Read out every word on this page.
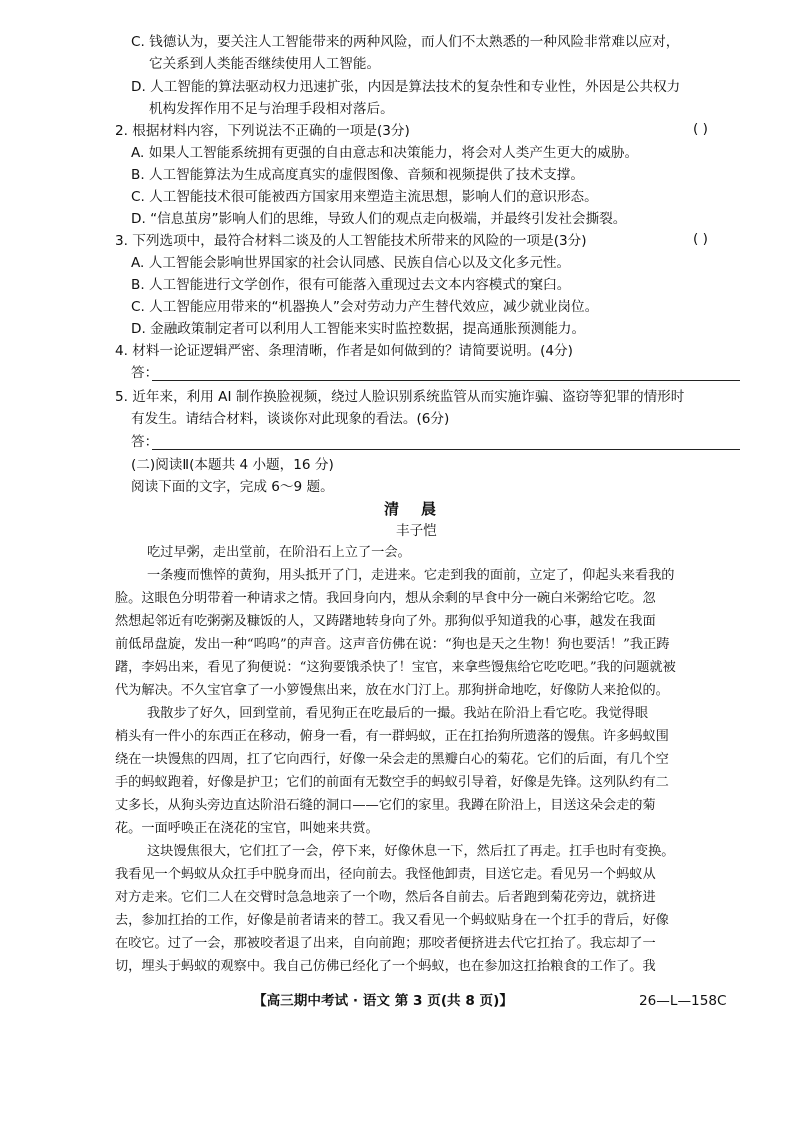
C. 钱德认为，要关注人工智能带来的两种风险，而人们不太熟悉的一种风险非常难以应对，
它关系到人类能否继续使用人工智能。
D. 人工智能的算法驱动权力迅速扩张，内因是算法技术的复杂性和专业性，外因是公共权力
机构发挥作用不足与治理手段相对落后。
2. 根据材料内容，下列说法不正确的一项是(3分)	( )
A. 如果人工智能系统拥有更强的自由意志和决策能力，将会对人类产生更大的威胁。
B. 人工智能算法为生成高度真实的虚假图像、音频和视频提供了技术支撑。
C. 人工智能技术很可能被西方国家用来塑造主流思想，影响人们的意识形态。
D. “信息茧房”影响人们的思维，导致人们的观点走向极端，并最终引发社会撕裂。
3. 下列选项中，最符合材料二谈及的人工智能技术所带来的风险的一项是(3分)	( )
A. 人工智能会影响世界国家的社会认同感、民族自信心以及文化多元性。
B. 人工智能进行文学创作，很有可能落入重现过去文本内容模式的窠臼。
C. 人工智能应用带来的“机器换人”会对劳动力产生替代效应，减少就业岗位。
D. 金融政策制定者可以利用人工智能来实时监控数据，提高通胀预测能力。
4. 材料一论证逻辑严密、条理清晰，作者是如何做到的？请简要说明。(4分)
答：
5. 近年来，利用 AI 制作换脸视频，绕过人脸识别系统监管从而实施诈骗、盗窃等犯罪的情形时
有发生。请结合材料，谈谈你对此现象的看法。(6分)
答：
(二)阅读Ⅱ(本题共 4 小题，16 分)
阅读下面的文字，完成 6～9 题。
清晨
丰子恺
吃过早粥，走出堂前，在阶沿石上立了一会。
一条瘦而憔悴的黄狗，用头抵开了门，走进来。它走到我的面前，立定了，仰起头来看我的
脸。这眼色分明带着一种请求之情。我回身向内，想从余剩的早食中分一碗白米粥给它吃。忽
然想起邻近有吃粥粥及糠饭的人，又踌躇地转身向了外。那狗似乎知道我的心事，越发在我面
前低昂盘旋，发出一种“呜呜”的声音。这声音仿佛在说：“狗也是天之生物！狗也要活！”我正踌
躇，李妈出来，看见了狗便说：“这狗要饿杀快了！宝官，来拿些馒焦给它吃吃吧。”我的问题就被
代为解决。不久宝官拿了一小箩馒焦出来，放在水门汀上。那狗拼命地吃，好像防人来抢似的。
我散步了好久，回到堂前，看见狗正在吃最后的一撮。我站在阶沿上看它吃。我觉得眼
梢头有一件小的东西正在移动，俯身一看，有一群蚂蚁，正在扛抬狗所遗落的馒焦。许多蚂蚁围
绕在一块馒焦的四周，扛了它向西行，好像一朵会走的黑瓣白心的菊花。它们的后面，有几个空
手的蚂蚁跑着，好像是护卫；它们的前面有无数空手的蚂蚁引导着，好像是先锋。这列队约有二
丈多长，从狗头旁边直达阶沿石缝的洞口——它们的家里。我蹲在阶沿上，目送这朵会走的菊
花。一面呼唤正在浇花的宝官，叫她来共赏。
这块馒焦很大，它们扛了一会，停下来，好像休息一下，然后扛了再走。扛手也时有变换。
我看见一个蚂蚁从众扛手中脱身而出，径向前去。我怪他卸责，目送它走。看见另一个蚂蚁从
对方走来。它们二人在交臂时急急地亲了一个吻，然后各自前去。后者跑到菊花旁边，就挤进
去，参加扛抬的工作，好像是前者请来的替工。我又看见一个蚂蚁贴身在一个扛手的背后，好像
在咬它。过了一会，那被咬者退了出来，自向前跑；那咬者便挤进去代它扛抬了。我忘却了一
切，埋头于蚂蚁的观察中。我自己仿佛已经化了一个蚂蚁，也在参加这扛抬粮食的工作了。我
【高三期中考试 · 语文 第 3 页(共 8 页)】	26—L—158C
